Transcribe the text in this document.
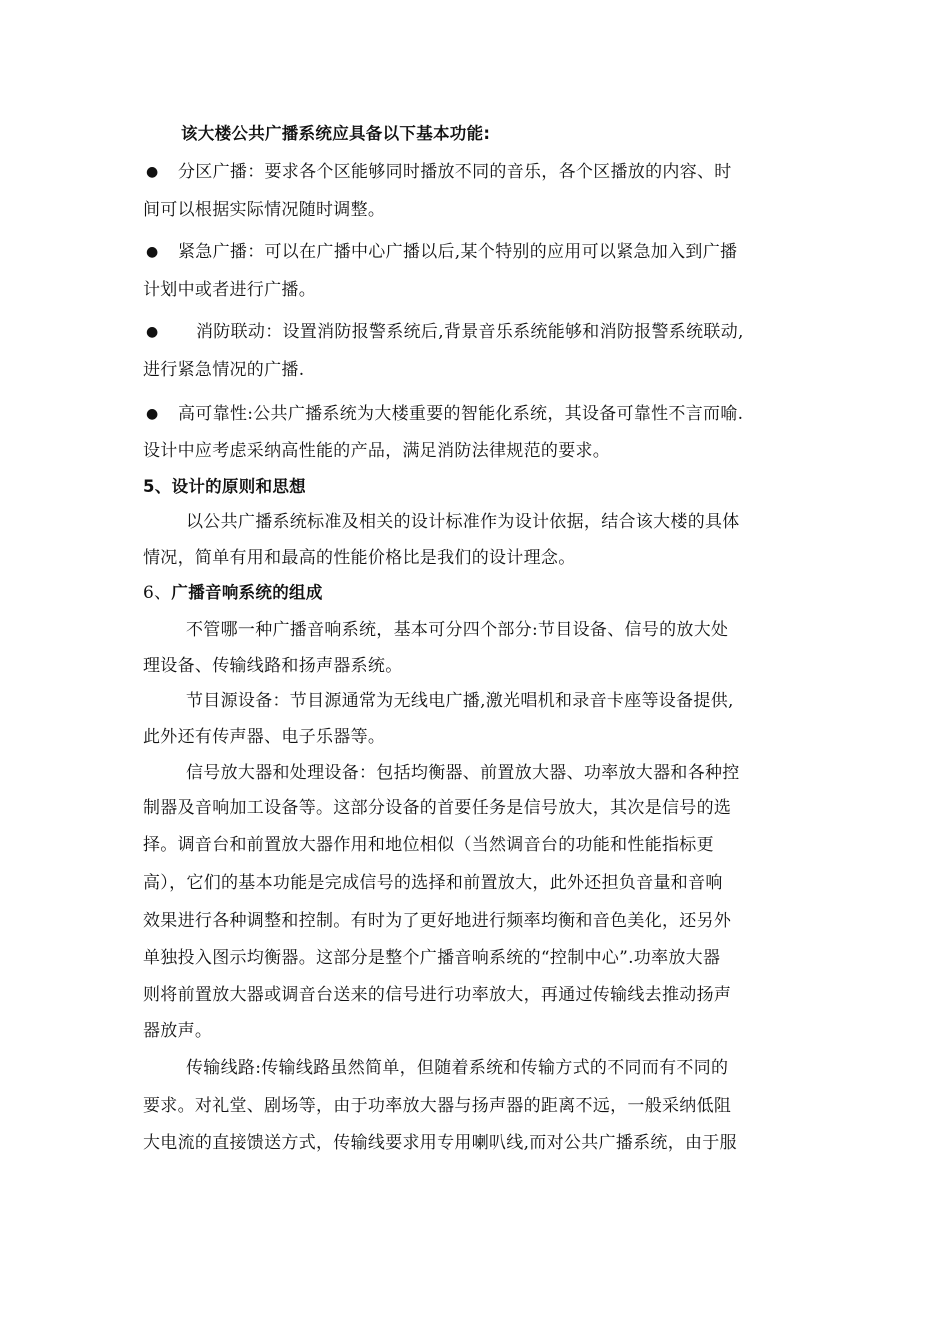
该大楼公共广播系统应具备以下基本功能:
● 分区广播：要求各个区能够同时播放不同的音乐，各个区播放的内容、时
间可以根据实际情况随时调整。
● 紧急广播：可以在广播中心广播以后,某个特别的应用可以紧急加入到广播
计划中或者进行广播。
● 消防联动：设置消防报警系统后,背景音乐系统能够和消防报警系统联动,
进行紧急情况的广播.
● 高可靠性:公共广播系统为大楼重要的智能化系统，其设备可靠性不言而喻.
设计中应考虑采纳高性能的产品，满足消防法律规范的要求。
5、设计的原则和思想
以公共广播系统标准及相关的设计标准作为设计依据，结合该大楼的具体
情况，简单有用和最高的性能价格比是我们的设计理念。
6、广播音响系统的组成
不管哪一种广播音响系统，基本可分四个部分:节目设备、信号的放大处
理设备、传输线路和扬声器系统。
节目源设备：节目源通常为无线电广播,激光唱机和录音卡座等设备提供,
此外还有传声器、电子乐器等。
信号放大器和处理设备：包括均衡器、前置放大器、功率放大器和各种控
制器及音响加工设备等。这部分设备的首要任务是信号放大，其次是信号的选
择。调音台和前置放大器作用和地位相似（当然调音台的功能和性能指标更
高），它们的基本功能是完成信号的选择和前置放大，此外还担负音量和音响
效果进行各种调整和控制。有时为了更好地进行频率均衡和音色美化，还另外
单独投入图示均衡器。这部分是整个广播音响系统的“控制中心”.功率放大器
则将前置放大器或调音台送来的信号进行功率放大，再通过传输线去推动扬声
器放声。
传输线路:传输线路虽然简单，但随着系统和传输方式的不同而有不同的
要求。对礼堂、剧场等，由于功率放大器与扬声器的距离不远，一般采纳低阻
大电流的直接馈送方式，传输线要求用专用喇叭线,而对公共广播系统，由于服
